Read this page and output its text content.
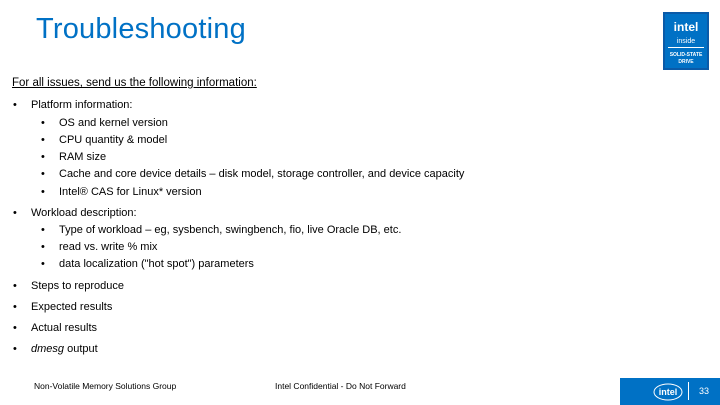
Troubleshooting	intel
inside
SOLID-STATE
DRIVE
For all issues, send us the following information:
• Platform information:
• OS and kernel version
• CPU quantity & model
• RAM size
• Cache and core device details – disk model, storage controller, and device capacity
• Intel® CAS for Linux* version
• Workload description:
• Type of workload – eg, sysbench, swingbench, fio, live Oracle DB, etc.
• read vs. write % mix
• data localization ("hot spot") parameters
• Steps to reproduce
• Expected results
• Actual results
• dmesg output
Non-Volatile Memory Solutions Group	Intel Confidential - Do Not Forward
intel 33
